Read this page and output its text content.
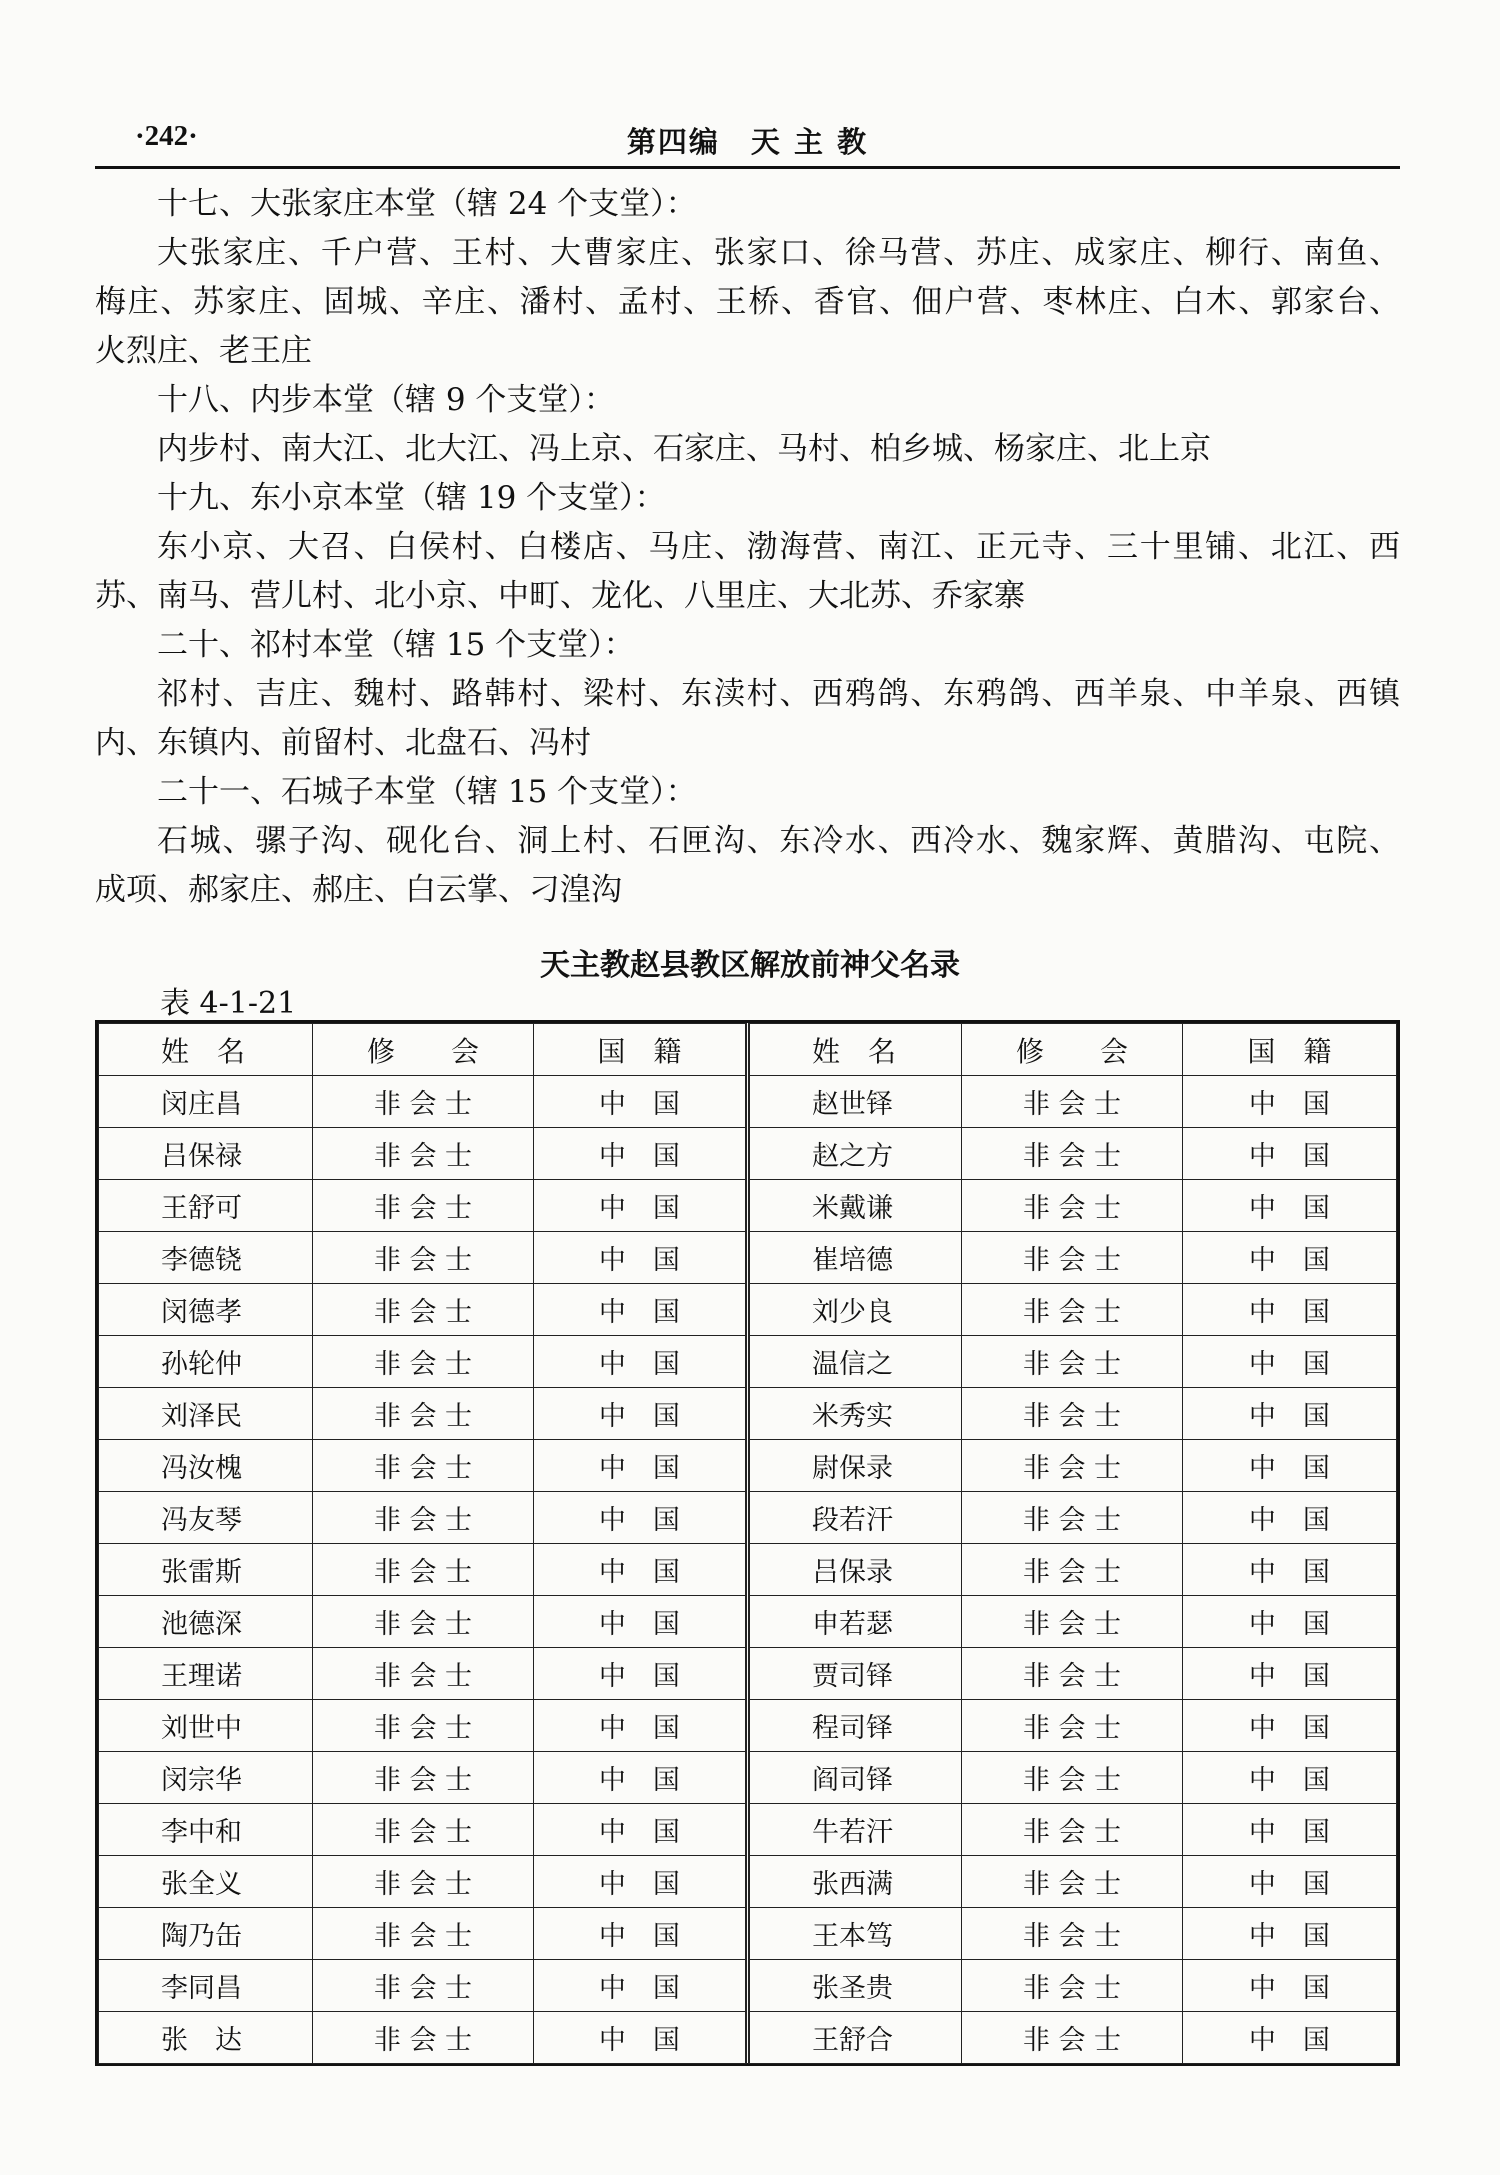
·242·	第四编　天 主 教
十七、大张家庄本堂（辖 24 个支堂）：
大张家庄、千户营、王村、大曹家庄、张家口、徐马营、苏庄、成家庄、柳行、南鱼、
梅庄、苏家庄、固城、辛庄、潘村、孟村、王桥、香官、佃户营、枣林庄、白木、郭家台、
火烈庄、老王庄
十八、内步本堂（辖 9 个支堂）：
内步村、南大江、北大江、冯上京、石家庄、马村、柏乡城、杨家庄、北上京
十九、东小京本堂（辖 19 个支堂）：
东小京、大召、白侯村、白楼店、马庄、渤海营、南江、正元寺、三十里铺、北江、西
苏、南马、营儿村、北小京、中町、龙化、八里庄、大北苏、乔家寨
二十、祁村本堂（辖 15 个支堂）：
祁村、吉庄、魏村、路韩村、梁村、东渎村、西鸦鸽、东鸦鸽、西羊泉、中羊泉、西镇
内、东镇内、前留村、北盘石、冯村
二十一、石城子本堂（辖 15 个支堂）：
石城、骡子沟、砚化台、洞上村、石匣沟、东冷水、西冷水、魏家辉、黄腊沟、屯院、
成项、郝家庄、郝庄、白云掌、刁湟沟
天主教赵县教区解放前神父名录
表 4-1-21
姓　名	修　　会	国　籍	姓　名	修　　会	国　籍
闵庄昌	非 会 士	中　国	赵世铎	非 会 士	中　国
吕保禄	非 会 士	中　国	赵之方	非 会 士	中　国
王舒可	非 会 士	中　国	米戴谦	非 会 士	中　国
李德铙	非 会 士	中　国	崔培德	非 会 士	中　国
闵德孝	非 会 士	中　国	刘少良	非 会 士	中　国
孙轮仲	非 会 士	中　国	温信之	非 会 士	中　国
刘泽民	非 会 士	中　国	米秀实	非 会 士	中　国
冯汝槐	非 会 士	中　国	尉保录	非 会 士	中　国
冯友琴	非 会 士	中　国	段若汗	非 会 士	中　国
张雷斯	非 会 士	中　国	吕保录	非 会 士	中　国
池德深	非 会 士	中　国	申若瑟	非 会 士	中　国
王理诺	非 会 士	中　国	贾司铎	非 会 士	中　国
刘世中	非 会 士	中　国	程司铎	非 会 士	中　国
闵宗华	非 会 士	中　国	阎司铎	非 会 士	中　国
李中和	非 会 士	中　国	牛若汗	非 会 士	中　国
张全义	非 会 士	中　国	张西满	非 会 士	中　国
陶乃缶	非 会 士	中　国	王本笃	非 会 士	中　国
李同昌	非 会 士	中　国	张圣贵	非 会 士	中　国
张　达	非 会 士	中　国	王舒合	非 会 士	中　国
